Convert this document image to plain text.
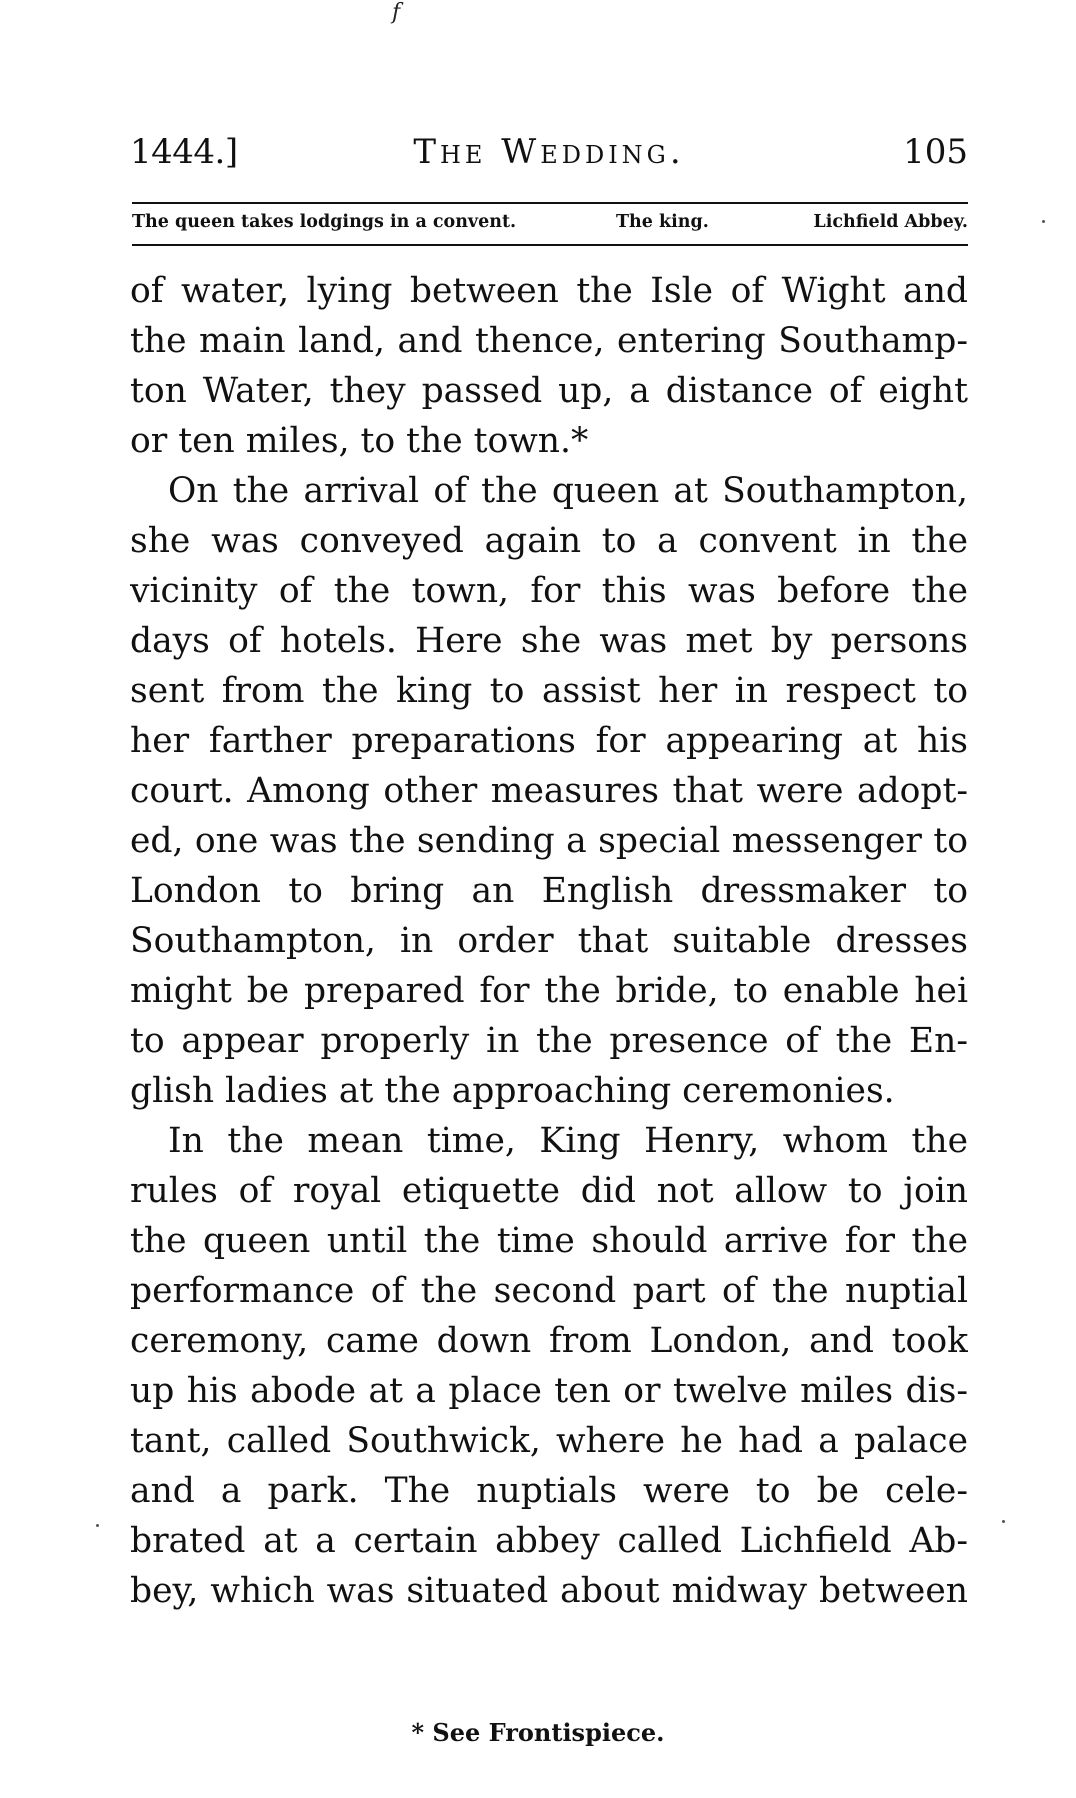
f
1444.]	The Wedding.	105
The queen takes lodgings in a convent.	The king.	Lichfield Abbey.
of water, lying between the Isle of Wight and
the main land, and thence, entering Southamp-
ton Water, they passed up, a distance of eight
or ten miles, to the town.*
On the arrival of the queen at Southampton,
she was conveyed again to a convent in the
vicinity of the town, for this was before the
days of hotels. Here she was met by persons
sent from the king to assist her in respect to
her farther preparations for appearing at his
court. Among other measures that were adopt-
ed, one was the sending a special messenger to
London to bring an English dressmaker to
Southampton, in order that suitable dresses
might be prepared for the bride, to enable hei
to appear properly in the presence of the En-
glish ladies at the approaching ceremonies.
In the mean time, King Henry, whom the
rules of royal etiquette did not allow to join
the queen until the time should arrive for the
performance of the second part of the nuptial
ceremony, came down from London, and took
up his abode at a place ten or twelve miles dis-
tant, called Southwick, where he had a palace
and a park. The nuptials were to be cele-
brated at a certain abbey called Lichfield Ab-
bey, which was situated about midway between
* See Frontispiece.
